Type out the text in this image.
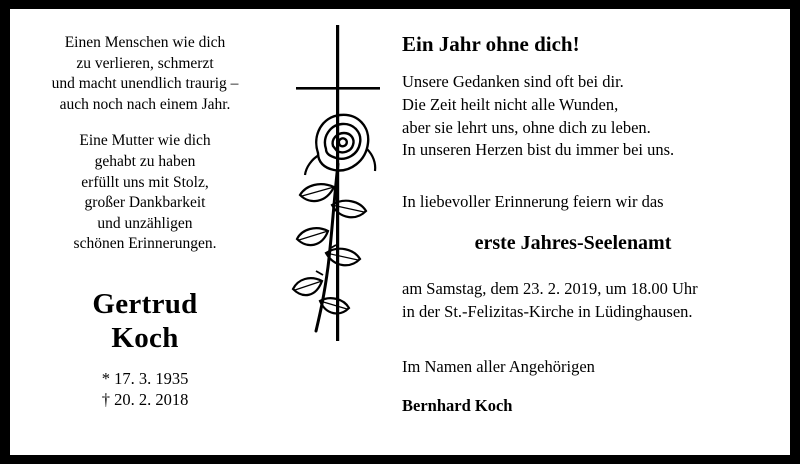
Einen Menschen wie dich
zu verlieren, schmerzt
und macht unendlich traurig –
auch noch nach einem Jahr.
Eine Mutter wie dich
gehabt zu haben
erfüllt uns mit Stolz,
großer Dankbarkeit
und unzähligen
schönen Erinnerungen.
Gertrud
Koch
* 17. 3. 1935
† 20. 2. 2018
Ein Jahr ohne dich!
Unsere Gedanken sind oft bei dir.
Die Zeit heilt nicht alle Wunden,
aber sie lehrt uns, ohne dich zu leben.
In unseren Herzen bist du immer bei uns.
In liebevoller Erinnerung feiern wir das
erste Jahres-Seelenamt
am Samstag, dem 23. 2. 2019, um 18.00 Uhr
in der St.-Felizitas-Kirche in Lüdinghausen.
Im Namen aller Angehörigen
Bernhard Koch
